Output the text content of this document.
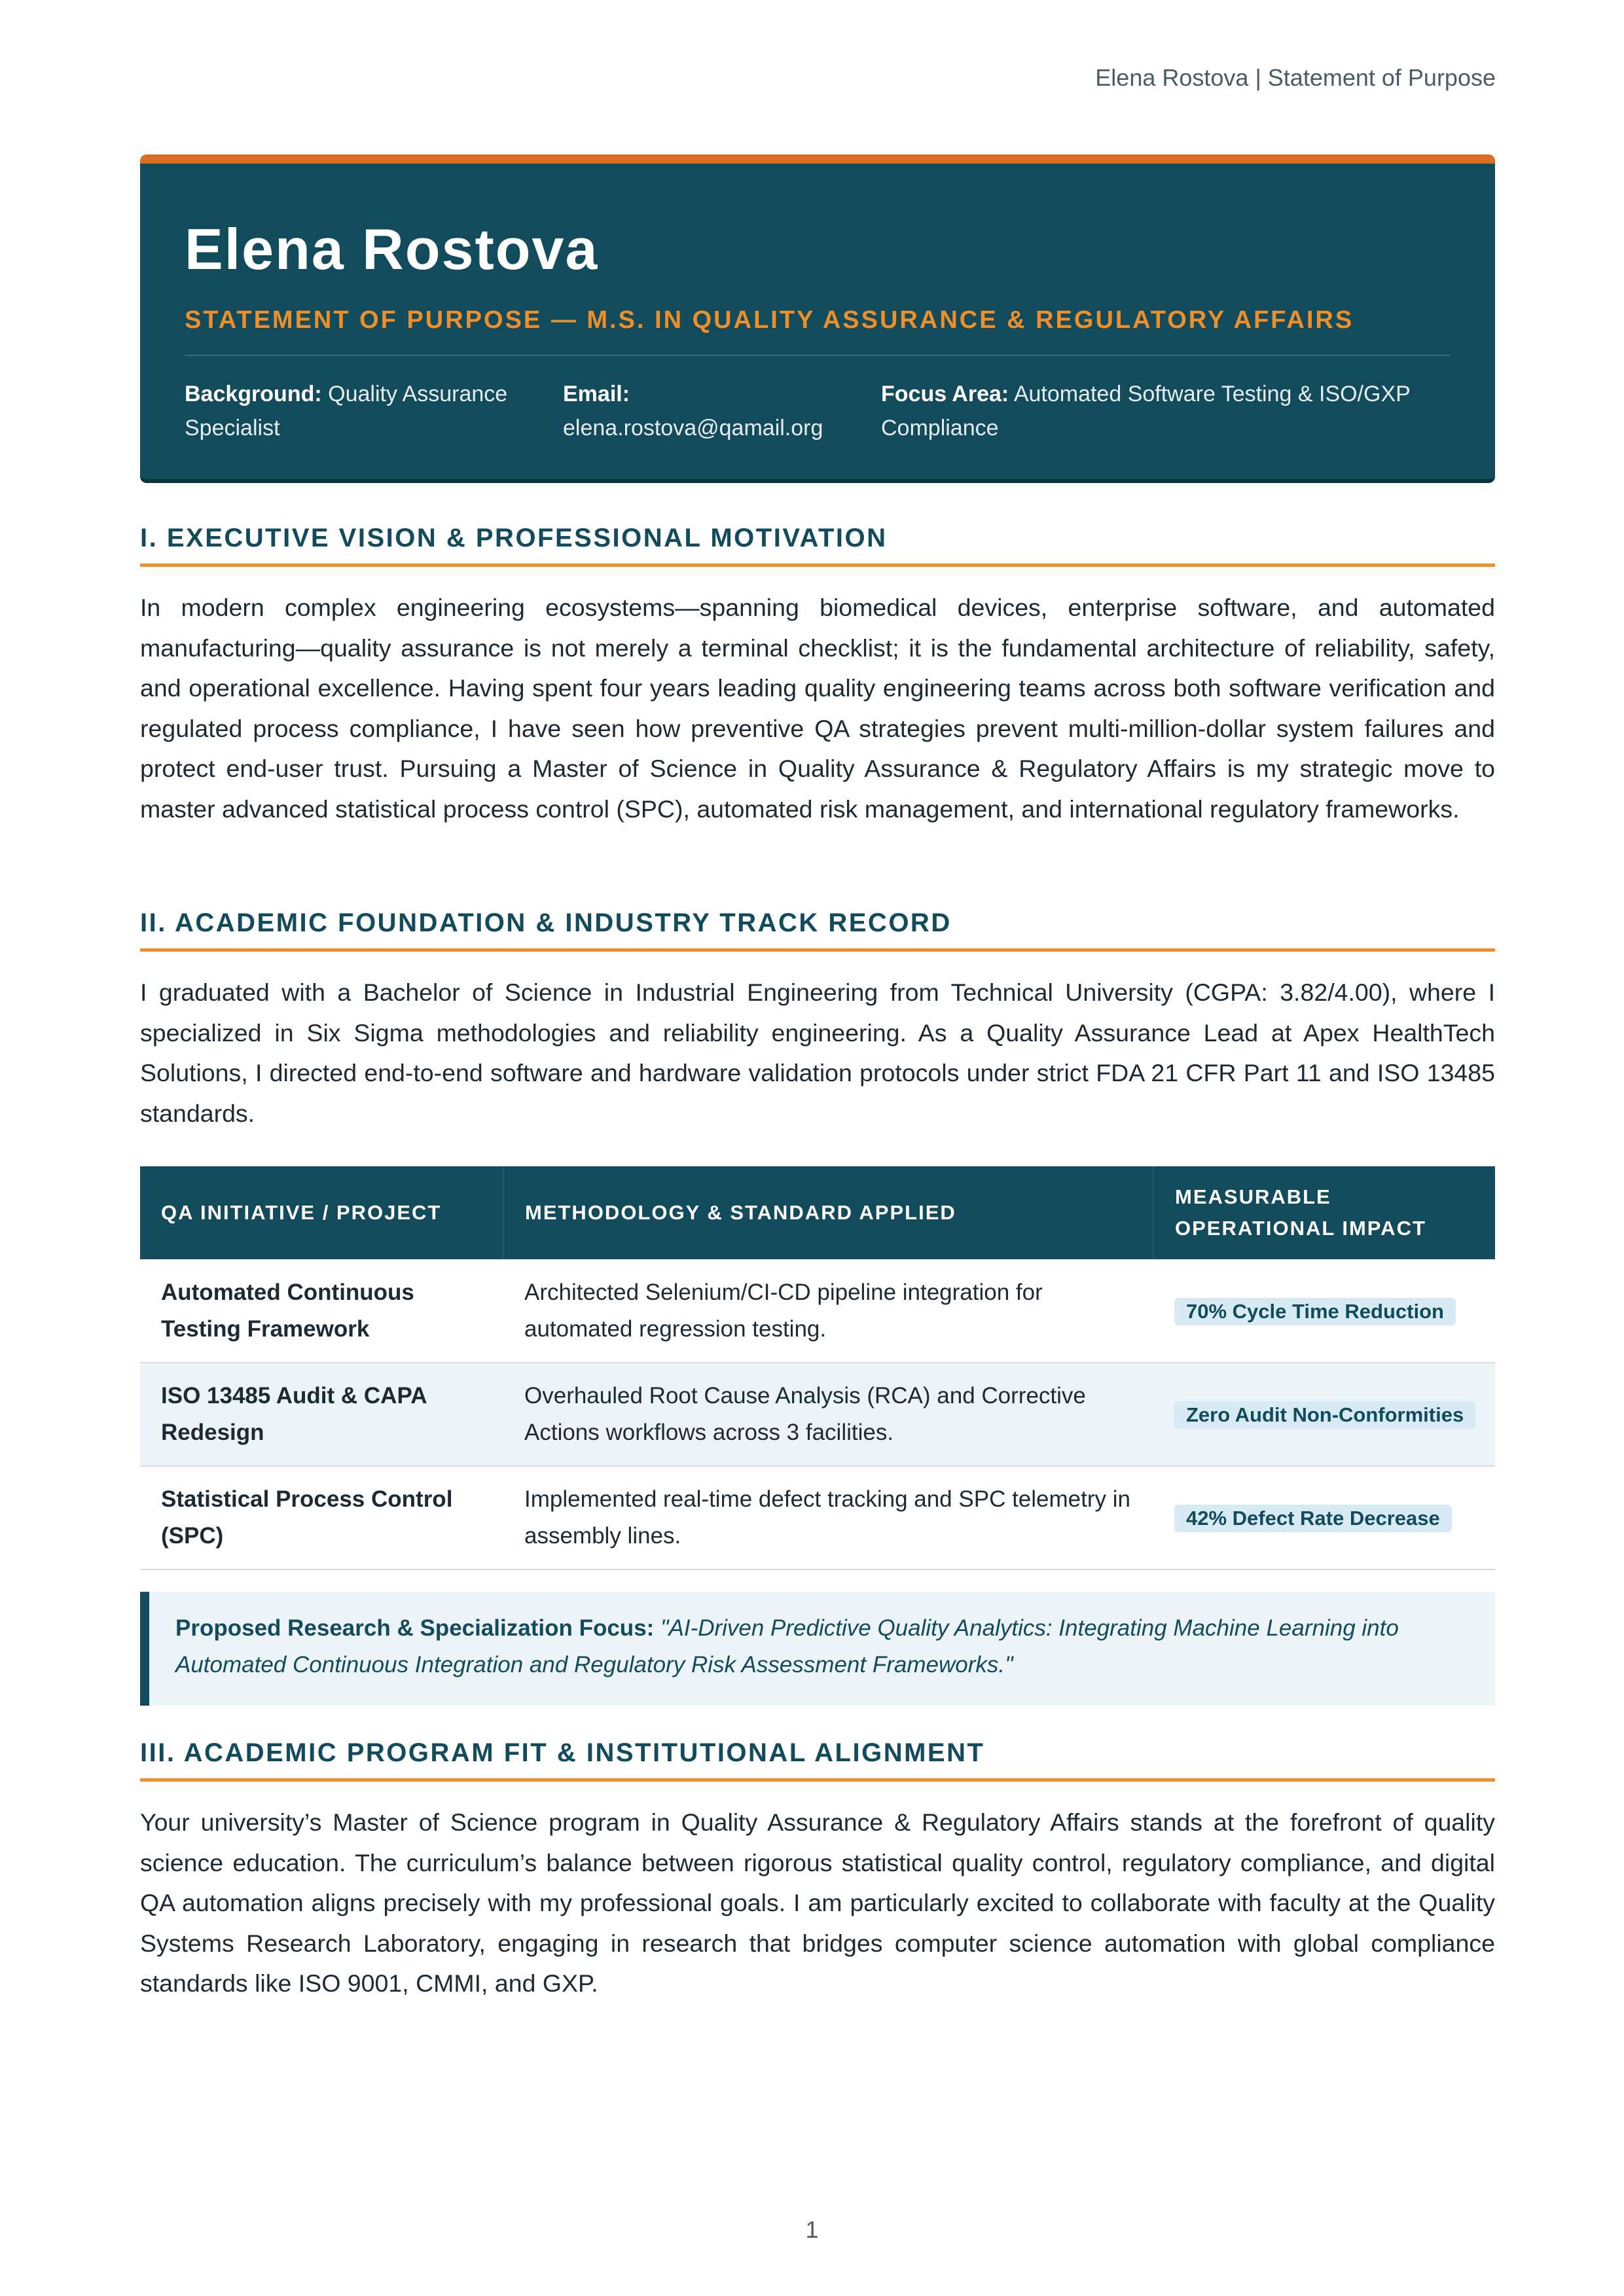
Elena Rostova | Statement of Purpose
Elena Rostova
STATEMENT OF PURPOSE — M.S. IN QUALITY ASSURANCE & REGULATORY AFFAIRS
Background: Quality Assurance Specialist
Email:
elena.rostova@qamail.org
Focus Area: Automated Software Testing & ISO/GXP Compliance
I. EXECUTIVE VISION & PROFESSIONAL MOTIVATION

In modern complex engineering ecosystems—spanning biomedical devices, enterprise software, and automated manufacturing—quality assurance is not merely a terminal checklist; it is the fundamental architecture of reliability, safety, and operational excellence. Having spent four years leading quality engineering teams across both software verification and regulated process compliance, I have seen how preventive QA strategies prevent multi-million-dollar system failures and protect end-user trust. Pursuing a Master of Science in Quality Assurance & Regulatory Affairs is my strategic move to master advanced statistical process control (SPC), automated risk management, and international regulatory frameworks.

II. ACADEMIC FOUNDATION & INDUSTRY TRACK RECORD

I graduated with a Bachelor of Science in Industrial Engineering from Technical University (CGPA: 3.82/4.00), where I specialized in Six Sigma methodologies and reliability engineering. As a Quality Assurance Lead at Apex HealthTech Solutions, I directed end-to-end software and hardware validation protocols under strict FDA 21 CFR Part 11 and ISO 13485 standards.

QA INITIATIVE / PROJECT	METHODOLOGY & STANDARD APPLIED	MEASURABLE OPERATIONAL IMPACT
Automated Continuous Testing Framework	Architected Selenium/CI-CD pipeline integration for automated regression testing.	70% Cycle Time Reduction
ISO 13485 Audit & CAPA Redesign	Overhauled Root Cause Analysis (RCA) and Corrective Actions workflows across 3 facilities.	Zero Audit Non-Conformities
Statistical Process Control (SPC)	Implemented real-time defect tracking and SPC telemetry in assembly lines.	42% Defect Rate Decrease
Proposed Research & Specialization Focus: "AI-Driven Predictive Quality Analytics: Integrating Machine Learning into Automated Continuous Integration and Regulatory Risk Assessment Frameworks."
III. ACADEMIC PROGRAM FIT & INSTITUTIONAL ALIGNMENT

Your university’s Master of Science program in Quality Assurance & Regulatory Affairs stands at the forefront of quality science education. The curriculum’s balance between rigorous statistical quality control, regulatory compliance, and digital QA automation aligns precisely with my professional goals. I am particularly excited to collaborate with faculty at the Quality Systems Research Laboratory, engaging in research that bridges computer science automation with global compliance standards like ISO 9001, CMMI, and GXP.

1
